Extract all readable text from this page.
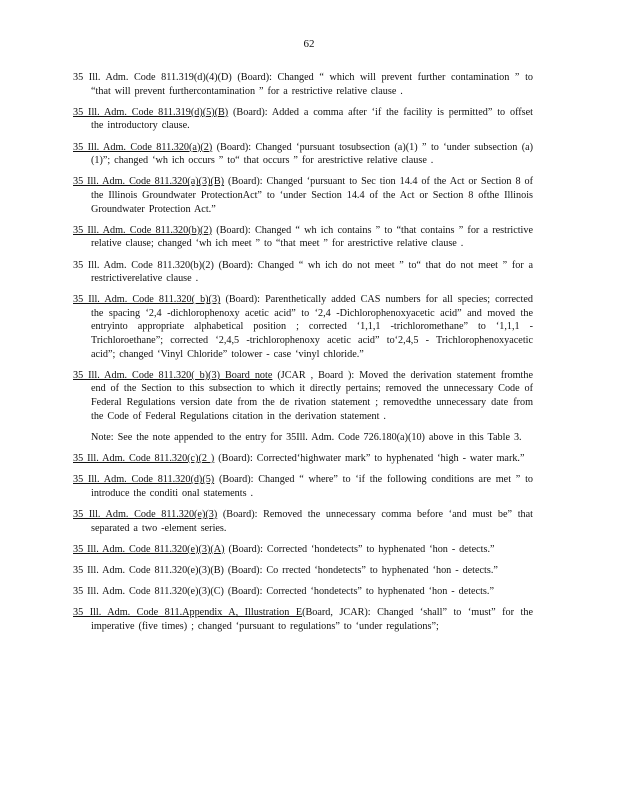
62

35 Ill. Adm. Code 811.319(d)(4)(D) (Board): Changed “ which will prevent further contamination ” to “that will prevent furthercontamination ” for a restrictive relative clause .

35 Ill. Adm. Code 811.319(d)(5)(B) (Board): Added a comma after ‘if the facility is permitted” to offset the introductory clause.

35 Ill. Adm. Code 811.320(a)(2) (Board): Changed ‘pursuant tosubsection (a)(1) ” to ‘under subsection (a)(1)”; changed ‘wh ich occurs ” to“ that occurs ” for arestrictive relative clause .

35 Ill. Adm. Code 811.320(a)(3)(B) (Board): Changed ‘pursuant to Sec tion 14.4 of the Act or Section 8 of the Illinois Groundwater ProtectionAct” to ‘under Section 14.4 of the Act or Section 8 ofthe Illinois Groundwater Protection Act.”

35 Ill. Adm. Code 811.320(b)(2) (Board): Changed “ wh ich contains ” to “that contains ” for a restrictive relative clause; changed ‘wh ich meet ” to “that meet ” for arestrictive relative clause .

35 Ill. Adm. Code 811.320(b)(2) (Board): Changed “ wh ich do not meet ” to“ that do not meet ” for a restrictiverelative clause .

35 Ill. Adm. Code 811.320( b)(3) (Board): Parenthetically added CAS numbers for all species; corrected the spacing ‘2,4 -dichlorophenoxy acetic acid” to ‘2,4 -Dichlorophenoxyacetic acid” and moved the entryinto appropriate alphabetical position ; corrected ‘1,1,1 -trichloromethane” to ‘1,1,1 -Trichloroethane”; corrected ‘2,4,5 -trichlorophenoxy acetic acid” to‘2,4,5 - Trichlorophenoxyacetic acid”; changed ‘Vinyl Chloride” tolower - case ‘vinyl chloride.”

35 Ill. Adm. Code 811.320( b)(3) Board note (JCAR , Board ): Moved the derivation statement fromthe end of the Section to this subsection to which it directly pertains; removed the unnecessary Code of Federal Regulations version date from the de rivation statement ; removedthe unnecessary date from the Code of Federal Regulations citation in the derivation statement .

Note: See the note appended to the entry for 35Ill. Adm. Code 726.180(a)(10) above in this Table 3.

35 Ill. Adm. Code 811.320(c)(2 ) (Board): Corrected‘highwater mark” to hyphenated ‘high - water mark.”

35 Ill. Adm. Code 811.320(d)(5) (Board): Changed “ where” to ‘if the following conditions are met ” to introduce the conditi onal statements .

35 Ill. Adm. Code 811.320(e)(3) (Board): Removed the unnecessary comma before ‘and must be” that separated a two -element series.

35 Ill. Adm. Code 811.320(e)(3)(A) (Board): Corrected ‘hondetects” to hyphenated ‘hon - detects.”

35 Ill. Adm. Code 811.320(e)(3)(B) (Board): Co rrected ‘hondetects” to hyphenated ‘hon - detects.”

35 Ill. Adm. Code 811.320(e)(3)(C) (Board): Corrected ‘hondetects” to hyphenated ‘hon - detects.”

35 Ill. Adm. Code 811.Appendix A, Illustration E(Board, JCAR): Changed ‘shall” to ‘must” for the imperative (five times) ; changed ‘pursuant to regulations” to ‘under regulations”;
